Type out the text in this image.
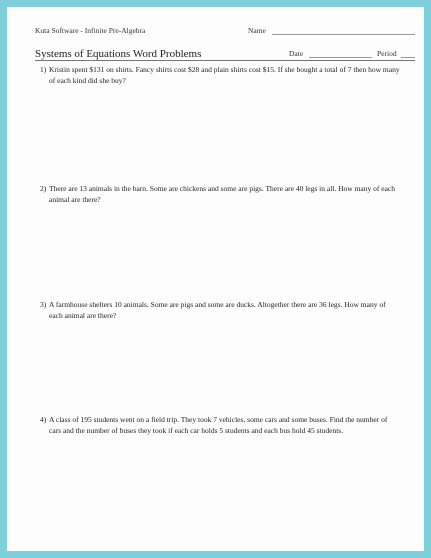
Kuta Software - Infinite Pre-Algebra	Name
Systems of Equations Word Problems	Date	Period
1) Kristin spent $131 on shirts. Fancy shirts cost $28 and plain shirts cost $15. If she bought a total of 7 then how many of each kind did she buy?
2) There are 13 animals in the barn. Some are chickens and some are pigs. There are 40 legs in all. How many of each animal are there?
3) A farmhouse shelters 10 animals. Some are pigs and some are ducks. Altogether there are 36 legs. How many of each animal are there?
4) A class of 195 students went on a field trip. They took 7 vehicles, some cars and some buses. Find the number of cars and the number of buses they took if each car holds 5 students and each bus hold 45 students.
